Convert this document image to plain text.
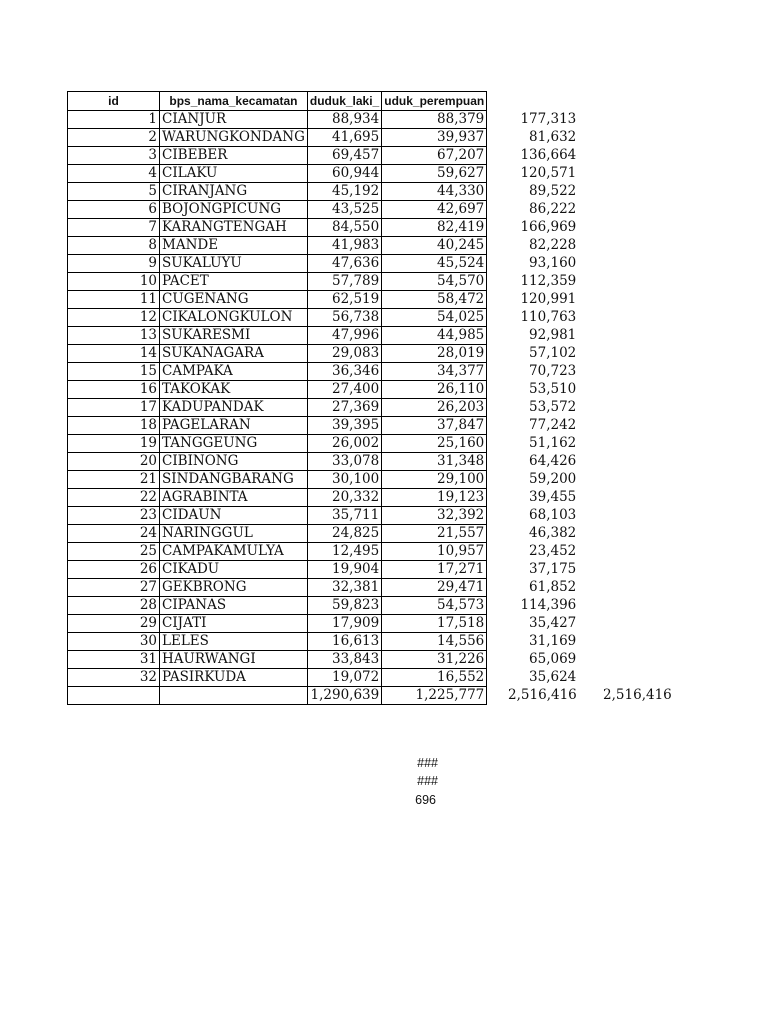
id	bps_nama_kecamatan	duduk_laki_	uduk_perempuan		
1	CIANJUR	88,934	88,379	177,313	
2	WARUNGKONDANG	41,695	39,937	81,632	
3	CIBEBER	69,457	67,207	136,664	
4	CILAKU	60,944	59,627	120,571	
5	CIRANJANG	45,192	44,330	89,522	
6	BOJONGPICUNG	43,525	42,697	86,222	
7	KARANGTENGAH	84,550	82,419	166,969	
8	MANDE	41,983	40,245	82,228	
9	SUKALUYU	47,636	45,524	93,160	
10	PACET	57,789	54,570	112,359	
11	CUGENANG	62,519	58,472	120,991	
12	CIKALONGKULON	56,738	54,025	110,763	
13	SUKARESMI	47,996	44,985	92,981	
14	SUKANAGARA	29,083	28,019	57,102	
15	CAMPAKA	36,346	34,377	70,723	
16	TAKOKAK	27,400	26,110	53,510	
17	KADUPANDAK	27,369	26,203	53,572	
18	PAGELARAN	39,395	37,847	77,242	
19	TANGGEUNG	26,002	25,160	51,162	
20	CIBINONG	33,078	31,348	64,426	
21	SINDANGBARANG	30,100	29,100	59,200	
22	AGRABINTA	20,332	19,123	39,455	
23	CIDAUN	35,711	32,392	68,103	
24	NARINGGUL	24,825	21,557	46,382	
25	CAMPAKAMULYA	12,495	10,957	23,452	
26	CIKADU	19,904	17,271	37,175	
27	GEKBRONG	32,381	29,471	61,852	
28	CIPANAS	59,823	54,573	114,396	
29	CIJATI	17,909	17,518	35,427	
30	LELES	16,613	14,556	31,169	
31	HAURWANGI	33,843	31,226	65,069	
32	PASIRKUDA	19,072	16,552	35,624	
		1,290,639	1,225,777	2,516,416	2,516,416
###
###
696
